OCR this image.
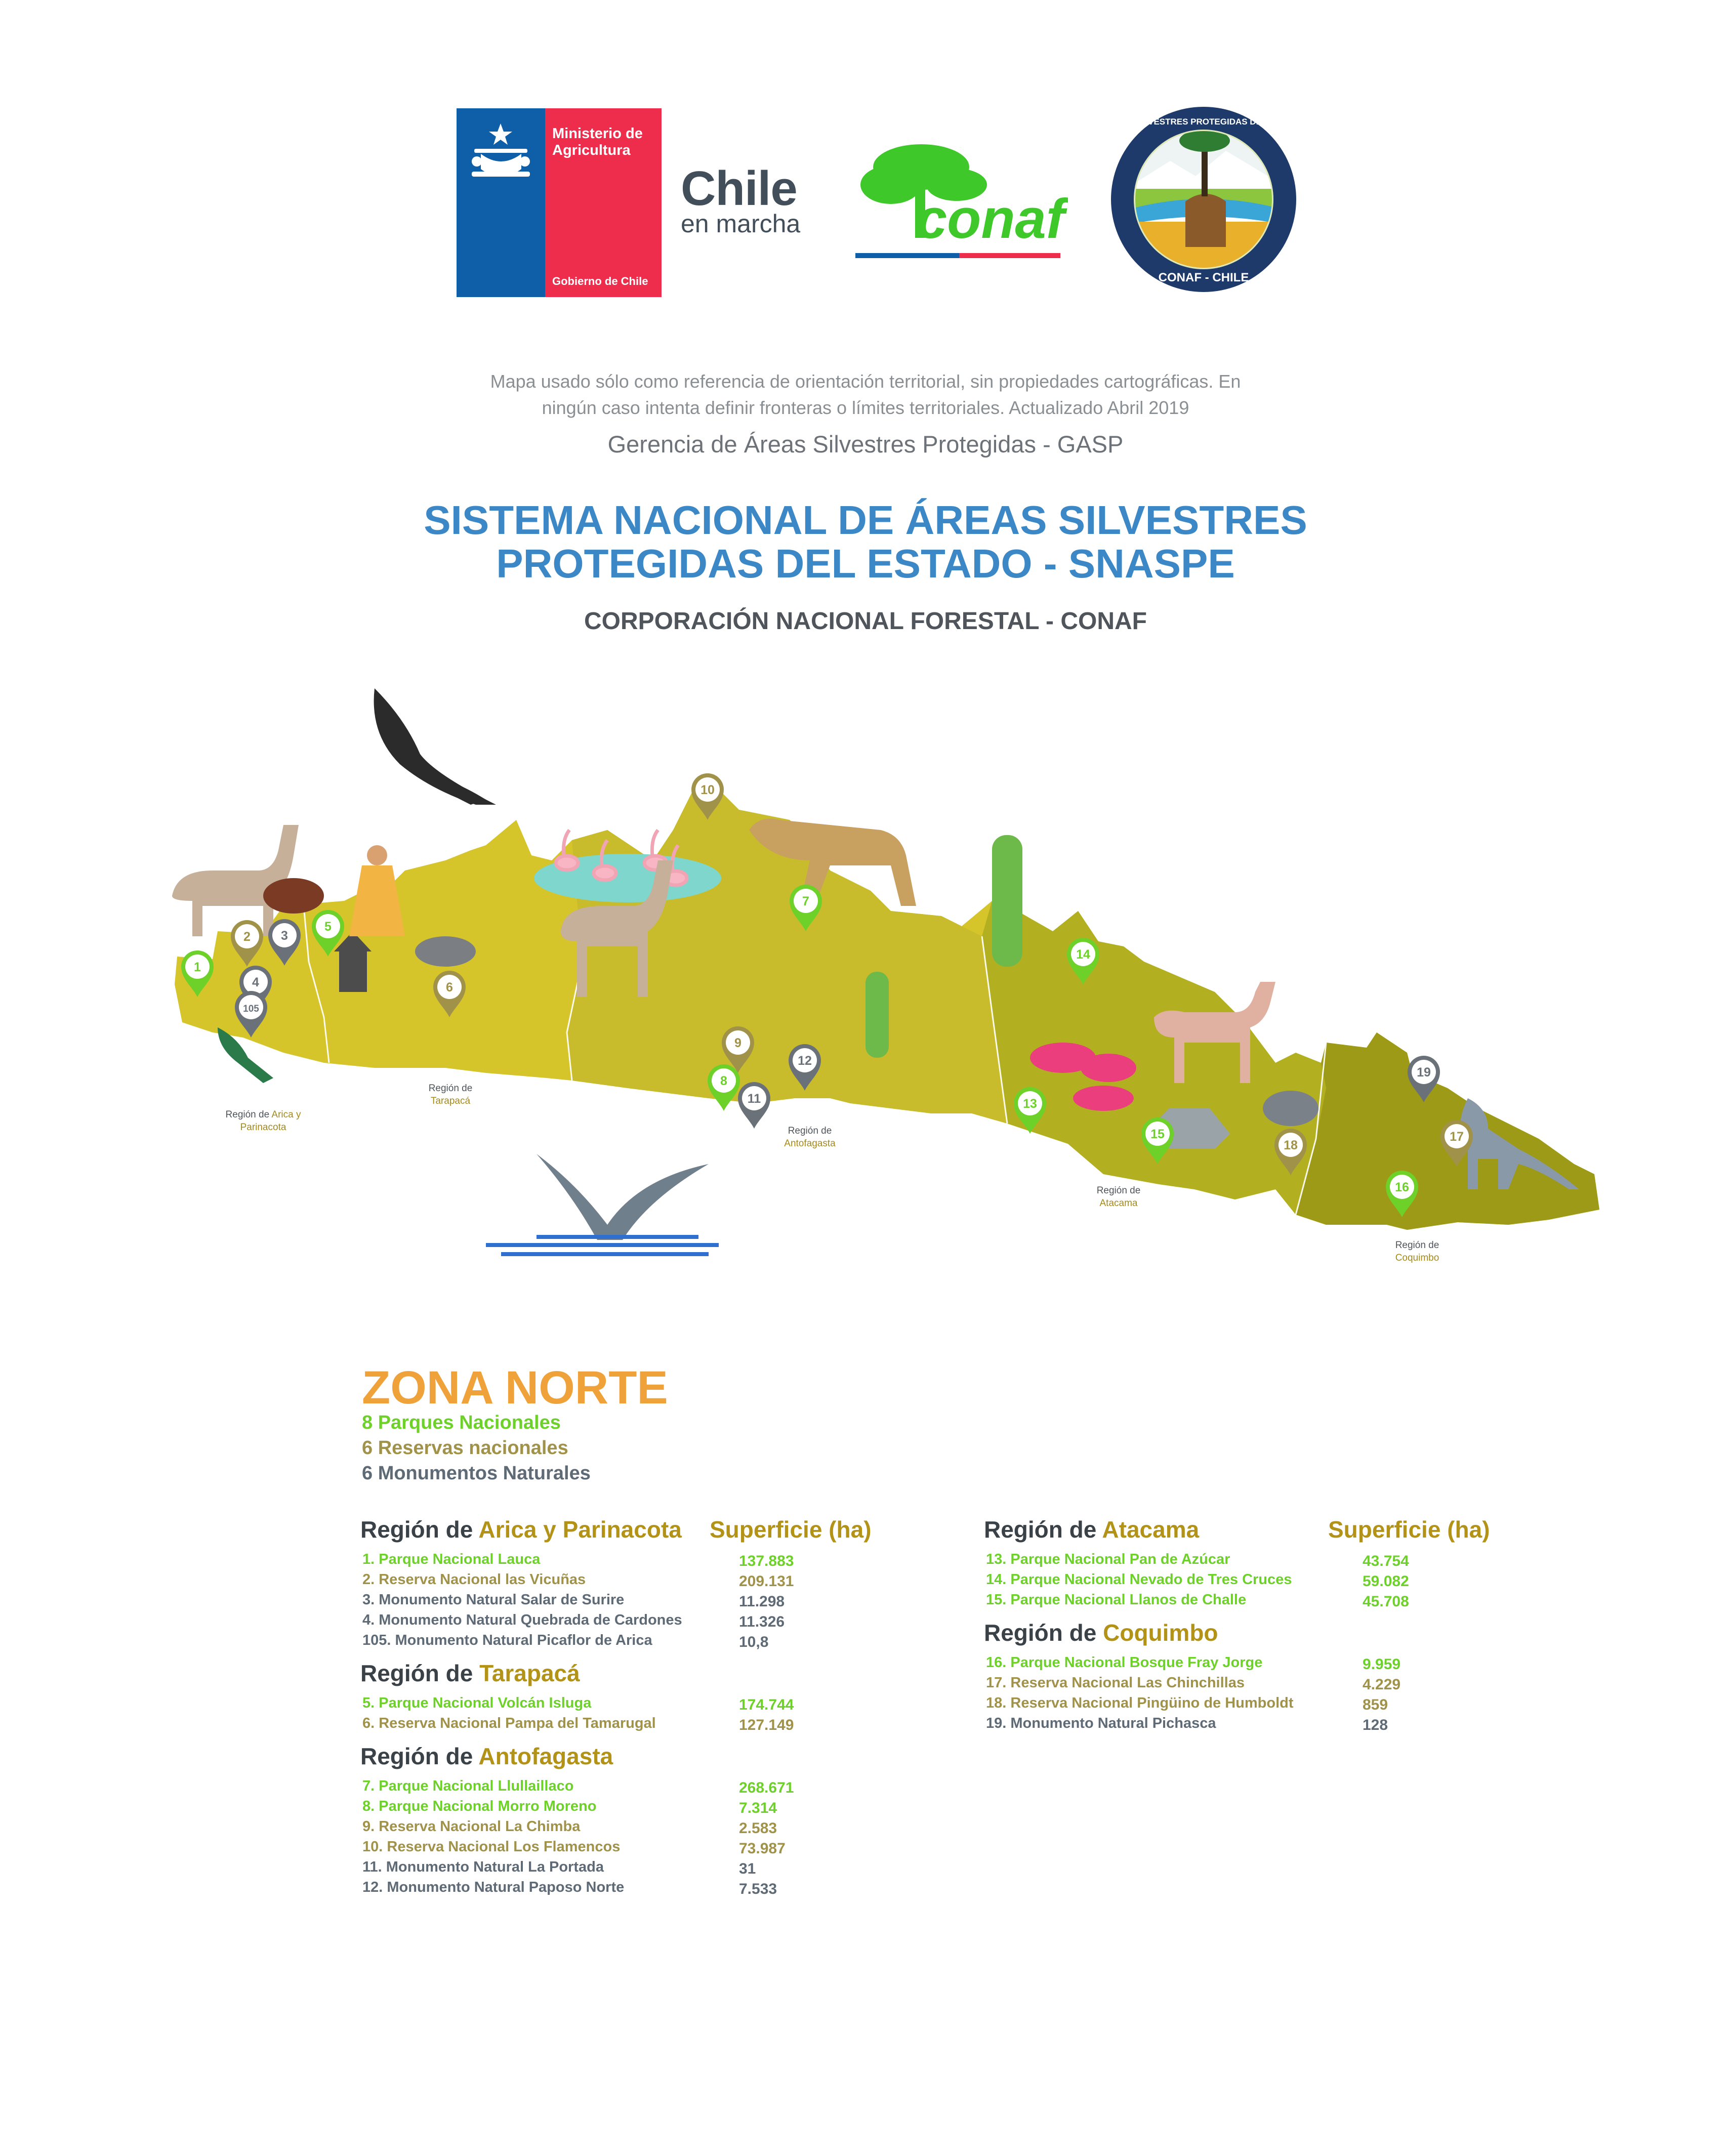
Ministerio de
Agricultura
Gobierno de Chile
Chile
en marcha conaf
ÁREAS SILVESTRES PROTEGIDAS DEL ESTADO
CONAF - CHILE
Mapa usado sólo como referencia de orientación territorial, sin propiedades cartográficas. En
ningún caso intenta definir fronteras o límites territoriales. Actualizado Abril 2019
Gerencia de Áreas Silvestres Protegidas - GASP
SISTEMA NACIONAL DE ÁREAS SILVESTRES
PROTEGIDAS DEL ESTADO - SNASPE
CORPORACIÓN NACIONAL FORESTAL - CONAF
1
2 3
4
105
5
6
7
8
9
10
11
12
13
14
15
16
17
18
19
Región de Arica y
Parinacota
Región de
Tarapacá
Región de
Antofagasta
Región de
Atacama
Región de
Coquimbo
ZONA NORTE
8 Parques Nacionales
6 Reservas nacionales
6 Monumentos Naturales
Superficie (ha)
Región de Arica y Parinacota
1. Parque Nacional Lauca	137.883
2. Reserva Nacional las Vicuñas	209.131
3. Monumento Natural Salar de Surire	11.298
4. Monumento Natural Quebrada de Cardones	11.326
105. Monumento Natural Picaflor de Arica	10,8
Región de Tarapacá
5. Parque Nacional Volcán Isluga	174.744
6. Reserva Nacional Pampa del Tamarugal	127.149
Región de Antofagasta
7. Parque Nacional Llullaillaco	268.671
8. Parque Nacional Morro Moreno	7.314
9. Reserva Nacional La Chimba	2.583
10. Reserva Nacional Los Flamencos	73.987
11. Monumento Natural La Portada	31
12. Monumento Natural Paposo Norte	7.533
Superficie (ha)
Región de Atacama
13. Parque Nacional Pan de Azúcar	43.754
14. Parque Nacional Nevado de Tres Cruces	59.082
15. Parque Nacional Llanos de Challe	45.708
Región de Coquimbo
16. Parque Nacional Bosque Fray Jorge	9.959
17. Reserva Nacional Las Chinchillas	4.229
18. Reserva Nacional Pingüino de Humboldt	859
19. Monumento Natural Pichasca	128
